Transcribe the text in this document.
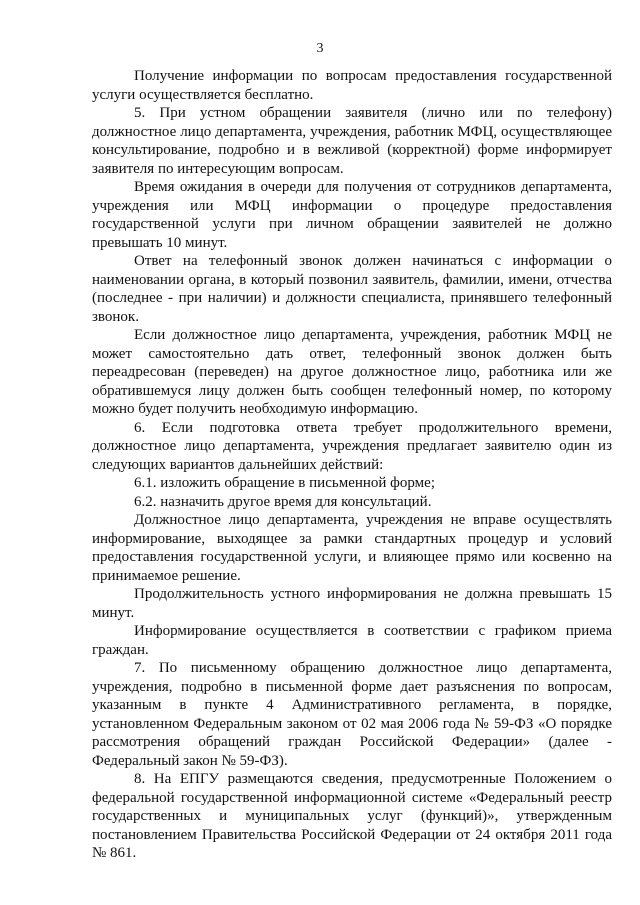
3

Получение информации по вопросам предоставления государственной услуги осуществляется бесплатно.

5. При устном обращении заявителя (лично или по телефону) должностное лицо департамента, учреждения, работник МФЦ, осуществляющее консультирование, подробно и в вежливой (корректной) форме информирует заявителя по интересующим вопросам.

Время ожидания в очереди для получения от сотрудников департамента, учреждения или МФЦ информации о процедуре предоставления государственной услуги при личном обращении заявителей не должно превышать 10 минут.

Ответ на телефонный звонок должен начинаться с информации о наименовании органа, в который позвонил заявитель, фамилии, имени, отчества (последнее - при наличии) и должности специалиста, принявшего телефонный звонок.

Если должностное лицо департамента, учреждения, работник МФЦ не может самостоятельно дать ответ, телефонный звонок должен быть переадресован (переведен) на другое должностное лицо, работника или же обратившемуся лицу должен быть сообщен телефонный номер, по которому можно будет получить необходимую информацию.

6. Если подготовка ответа требует продолжительного времени, должностное лицо департамента, учреждения предлагает заявителю один из следующих вариантов дальнейших действий:

6.1. изложить обращение в письменной форме;

6.2. назначить другое время для консультаций.

Должностное лицо департамента, учреждения не вправе осуществлять информирование, выходящее за рамки стандартных процедур и условий предоставления государственной услуги, и влияющее прямо или косвенно на принимаемое решение.

Продолжительность устного информирования не должна превышать 15 минут.

Информирование осуществляется в соответствии с графиком приема граждан.

7. По письменному обращению должностное лицо департамента, учреждения, подробно в письменной форме дает разъяснения по вопросам, указанным в пункте 4 Административного регламента, в порядке, установленном Федеральным законом от 02 мая 2006 года № 59-ФЗ «О порядке рассмотрения обращений граждан Российской Федерации» (далее - Федеральный закон № 59-ФЗ).

8. На ЕПГУ размещаются сведения, предусмотренные Положением о федеральной государственной информационной системе «Федеральный реестр государственных и муниципальных услуг (функций)», утвержденным постановлением Правительства Российской Федерации от 24 октября 2011 года № 861.
